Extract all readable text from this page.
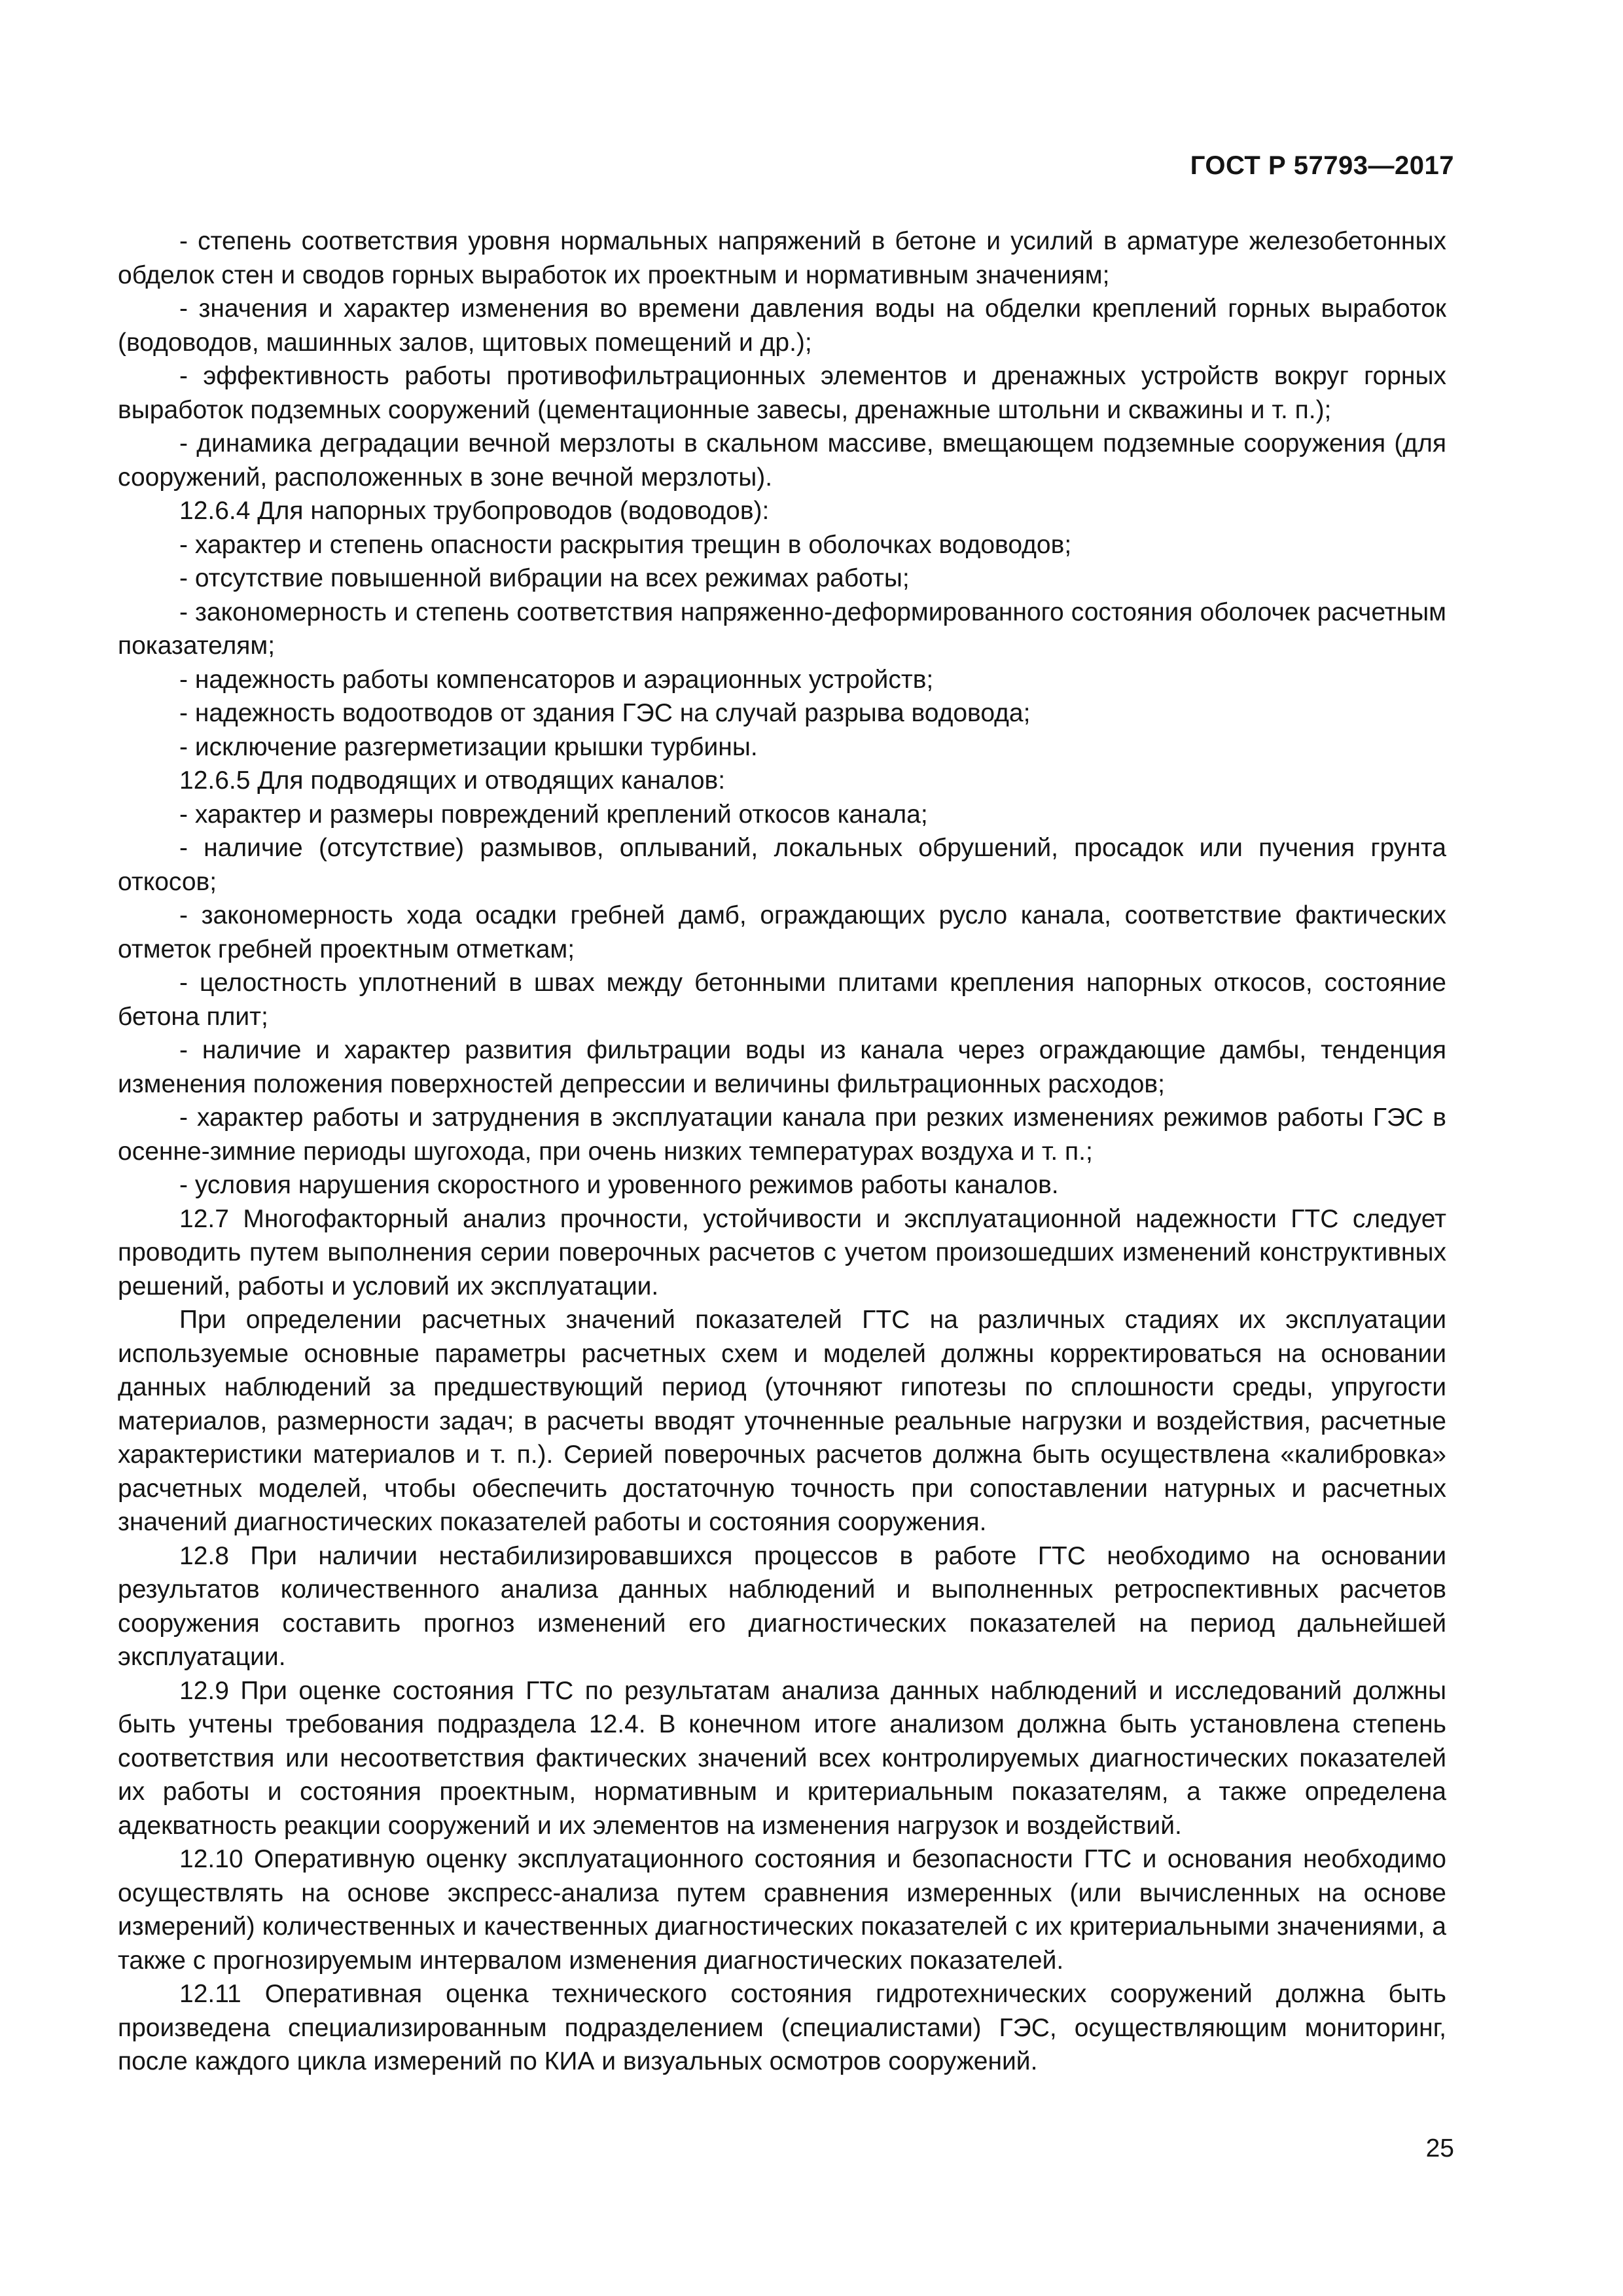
ГОСТ Р 57793—2017

- степень соответствия уровня нормальных напряжений в бетоне и усилий в арматуре железобетонных обделок стен и сводов горных выработок их проектным и нормативным значениям;

- значения и характер изменения во времени давления воды на обделки креплений горных выработок (водоводов, машинных залов, щитовых помещений и др.);

- эффективность работы противофильтрационных элементов и дренажных устройств вокруг горных выработок подземных сооружений (цементационные завесы, дренажные штольни и скважины и т. п.);

- динамика деградации вечной мерзлоты в скальном массиве, вмещающем подземные сооружения (для сооружений, расположенных в зоне вечной мерзлоты).

12.6.4 Для напорных трубопроводов (водоводов):

- характер и степень опасности раскрытия трещин в оболочках водоводов;

- отсутствие повышенной вибрации на всех режимах работы;

- закономерность и степень соответствия напряженно-деформированного состояния оболочек расчетным показателям;

- надежность работы компенсаторов и аэрационных устройств;

- надежность водоотводов от здания ГЭС на случай разрыва водовода;

- исключение разгерметизации крышки турбины.

12.6.5 Для подводящих и отводящих каналов:

- характер и размеры повреждений креплений откосов канала;

- наличие (отсутствие) размывов, оплываний, локальных обрушений, просадок или пучения грунта откосов;

- закономерность хода осадки гребней дамб, ограждающих русло канала, соответствие фактических отметок гребней проектным отметкам;

- целостность уплотнений в швах между бетонными плитами крепления напорных откосов, состояние бетона плит;

- наличие и характер развития фильтрации воды из канала через ограждающие дамбы, тенденция изменения положения поверхностей депрессии и величины фильтрационных расходов;

- характер работы и затруднения в эксплуатации канала при резких изменениях режимов работы ГЭС в осенне-зимние периоды шугохода, при очень низких температурах воздуха и т. п.;

- условия нарушения скоростного и уровенного режимов работы каналов.

12.7 Многофакторный анализ прочности, устойчивости и эксплуатационной надежности ГТС следует проводить путем выполнения серии поверочных расчетов с учетом произошедших изменений конструктивных решений, работы и условий их эксплуатации.

При определении расчетных значений показателей ГТС на различных стадиях их эксплуатации используемые основные параметры расчетных схем и моделей должны корректироваться на основании данных наблюдений за предшествующий период (уточняют гипотезы по сплошности среды, упругости материалов, размерности задач; в расчеты вводят уточненные реальные нагрузки и воздействия, расчетные характеристики материалов и т. п.). Серией поверочных расчетов должна быть осуществлена «калибровка» расчетных моделей, чтобы обеспечить достаточную точность при сопоставлении натурных и расчетных значений диагностических показателей работы и состояния сооружения.

12.8 При наличии нестабилизировавшихся процессов в работе ГТС необходимо на основании результатов количественного анализа данных наблюдений и выполненных ретроспективных расчетов сооружения составить прогноз изменений его диагностических показателей на период дальнейшей эксплуатации.

12.9 При оценке состояния ГТС по результатам анализа данных наблюдений и исследований должны быть учтены требования подраздела 12.4. В конечном итоге анализом должна быть установлена степень соответствия или несоответствия фактических значений всех контролируемых диагностических показателей их работы и состояния проектным, нормативным и критериальным показателям, а также определена адекватность реакции сооружений и их элементов на изменения нагрузок и воздействий.

12.10 Оперативную оценку эксплуатационного состояния и безопасности ГТС и основания необходимо осуществлять на основе экспресс-анализа путем сравнения измеренных (или вычисленных на основе измерений) количественных и качественных диагностических показателей с их критериальными значениями, а также с прогнозируемым интервалом изменения диагностических показателей.

12.11 Оперативная оценка технического состояния гидротехнических сооружений должна быть произведена специализированным подразделением (специалистами) ГЭС, осуществляющим мониторинг, после каждого цикла измерений по КИА и визуальных осмотров сооружений.

25
